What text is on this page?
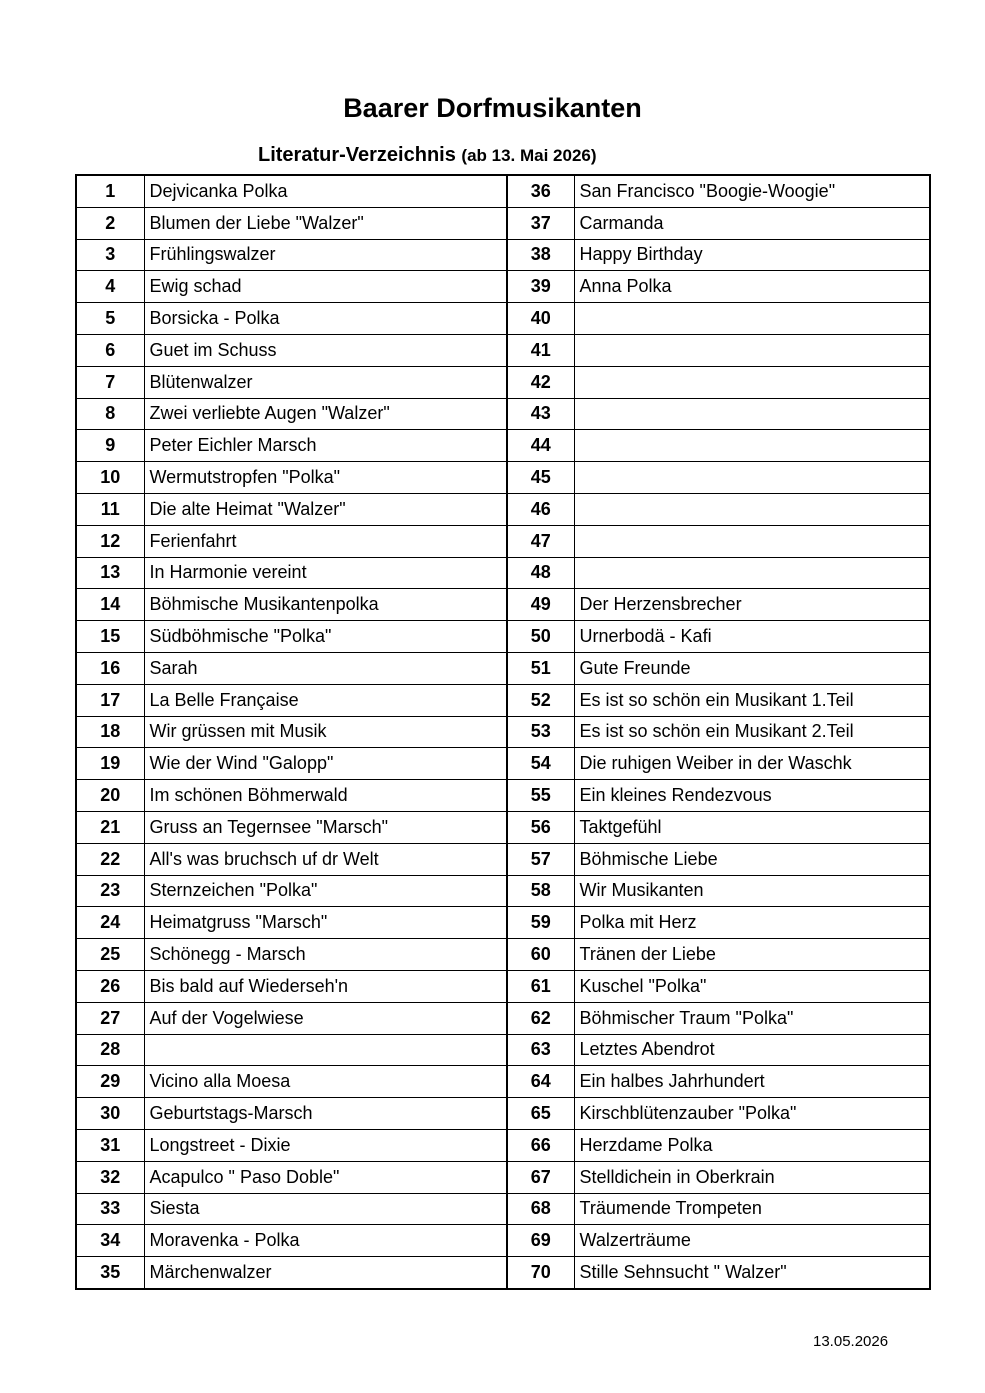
Baarer Dorfmusikanten
Literatur-Verzeichnis (ab 13. Mai 2026)
1	Dejvicanka Polka	36	San Francisco "Boogie-Woogie"
2	Blumen der Liebe "Walzer"	37	Carmanda
3	Frühlingswalzer	38	Happy Birthday
4	Ewig schad	39	Anna Polka
5	Borsicka - Polka	40	
6	Guet im Schuss	41	
7	Blütenwalzer	42	
8	Zwei verliebte Augen "Walzer"	43	
9	Peter Eichler Marsch	44	
10	Wermutstropfen "Polka"	45	
11	Die alte Heimat "Walzer"	46	
12	Ferienfahrt	47	
13	In Harmonie vereint	48	
14	Böhmische Musikantenpolka	49	Der Herzensbrecher
15	Südböhmische "Polka"	50	Urnerbodä - Kafi
16	Sarah	51	Gute Freunde
17	La Belle Française	52	Es ist so schön ein Musikant 1.Teil
18	Wir grüssen mit Musik	53	Es ist so schön ein Musikant 2.Teil
19	Wie der Wind "Galopp"	54	Die ruhigen Weiber in der Waschk
20	Im schönen Böhmerwald	55	Ein kleines Rendezvous
21	Gruss an Tegernsee "Marsch"	56	Taktgefühl
22	All's was bruchsch uf dr Welt	57	Böhmische Liebe
23	Sternzeichen "Polka"	58	Wir Musikanten
24	Heimatgruss "Marsch"	59	Polka mit Herz
25	Schönegg - Marsch	60	Tränen der Liebe
26	Bis bald auf Wiederseh'n	61	Kuschel "Polka"
27	Auf der Vogelwiese	62	Böhmischer Traum "Polka"
28		63	Letztes Abendrot
29	Vicino alla Moesa	64	Ein halbes Jahrhundert
30	Geburtstags-Marsch	65	Kirschblütenzauber "Polka"
31	Longstreet - Dixie	66	Herzdame Polka
32	Acapulco " Paso Doble"	67	Stelldichein in Oberkrain
33	Siesta	68	Träumende Trompeten
34	Moravenka - Polka	69	Walzerträume
35	Märchenwalzer	70	Stille Sehnsucht " Walzer"
13.05.2026
